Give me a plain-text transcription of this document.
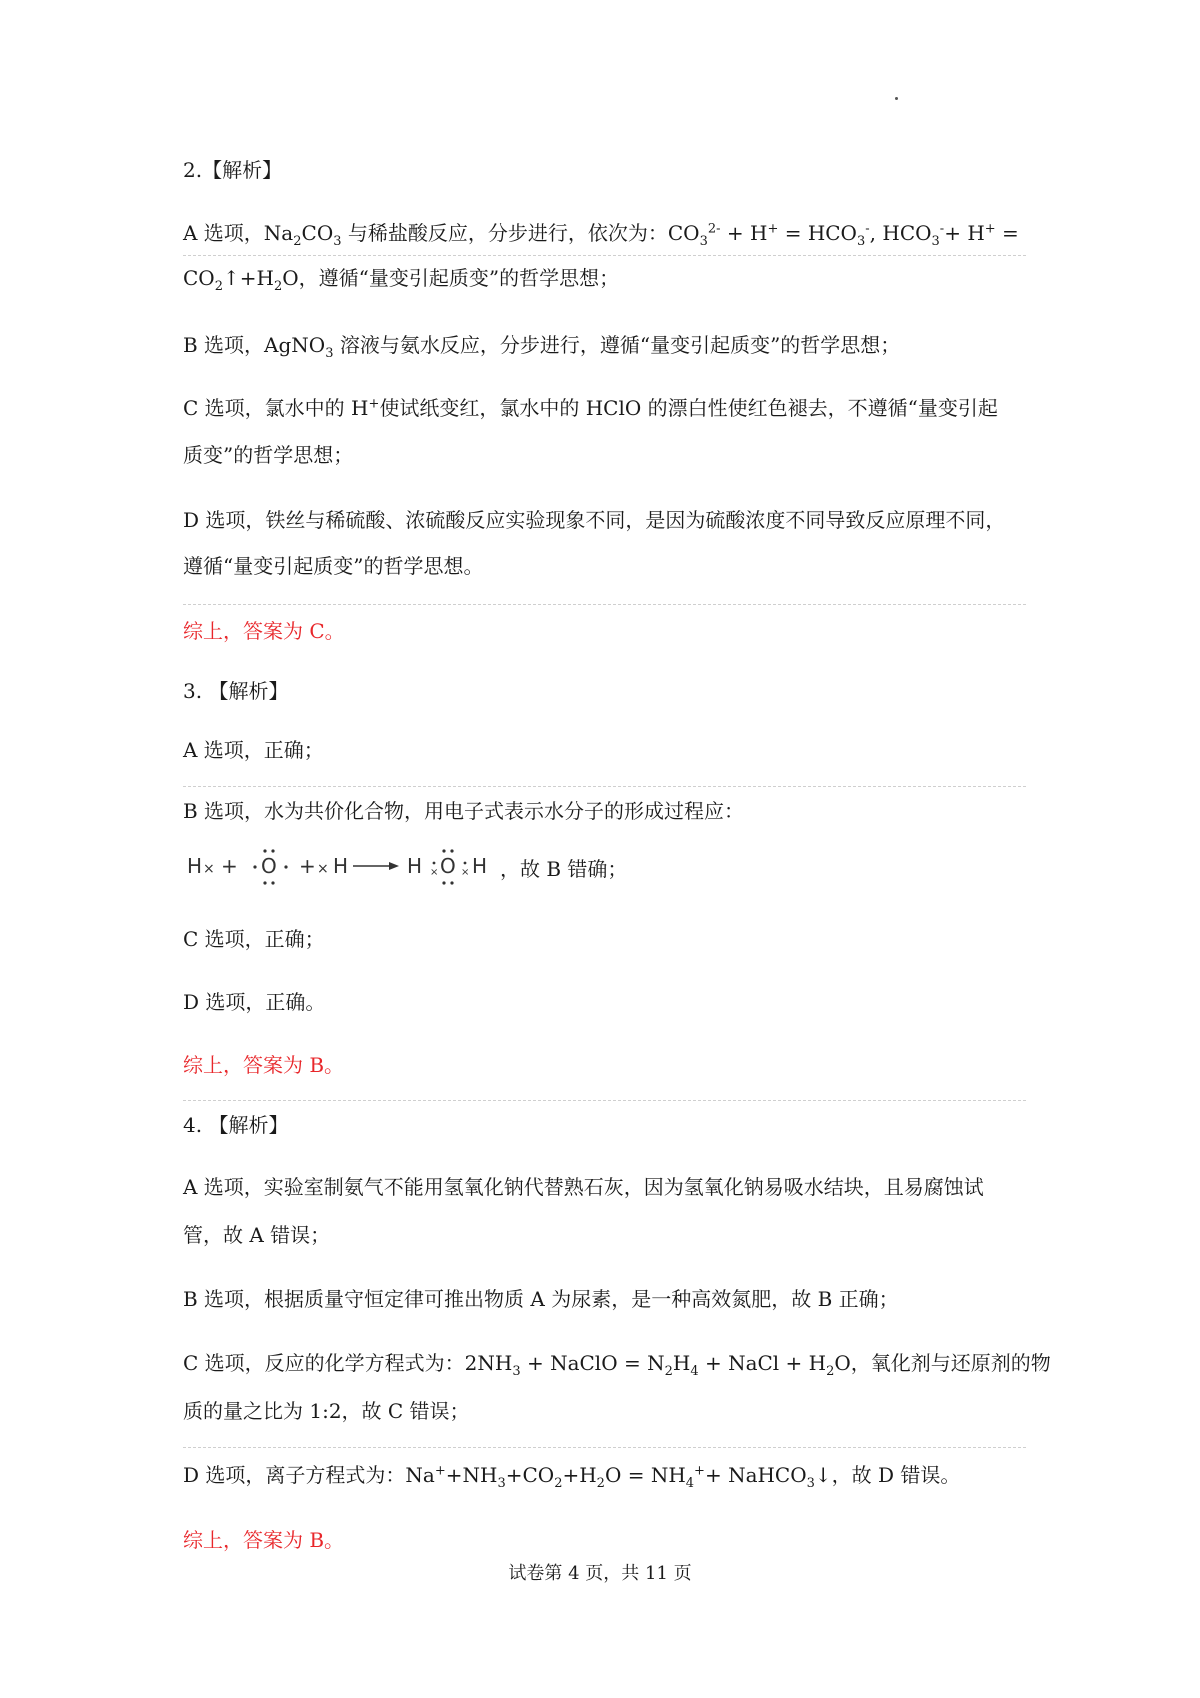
2.【解析】
A 选项，$Na_2CO_3$ 与稀盐酸反应，分步进行，依次为：$CO_3^{2-} + H^+ = HCO_3^-$, $HCO_3^-+ H^+$ =
$CO_2↑+H_2O$，遵循“量变引起质变”的哲学思想；
B 选项，AgNO$_3$ 溶液与氨水反应，分步进行，遵循“量变引起质变”的哲学思想；
C 选项，氯水中的 H+使试纸变红，氯水中的 HClO 的漂白性使红色褪去，不遵循“量变引起
质变”的哲学思想；
D 选项，铁丝与稀硫酸、浓硫酸反应实验现象不同，是因为硫酸浓度不同导致反应原理不同，
遵循“量变引起质变”的哲学思想。
综上，答案为 C。
3. 【解析】
A 选项，正确；
B 选项，水为共价化合物，用电子式表示水分子的形成过程应：
H × + O + × H	H O H
× × ，故 B 错确；
C 选项，正确；
D 选项，正确。
综上，答案为 B。
4. 【解析】
A 选项，实验室制氨气不能用氢氧化钠代替熟石灰，因为氢氧化钠易吸水结块，且易腐蚀试
管，故 A 错误；
B 选项，根据质量守恒定律可推出物质 A 为尿素，是一种高效氮肥，故 B 正确；
C 选项，反应的化学方程式为：$2NH_3$ + NaClO = $N_2H_4$ + NaCl + $H_2O$，氧化剂与还原剂的物
质的量之比为 1:2，故 C 错误；
D 选项，离子方程式为：$Na^++NH_3+CO_2+H_2O = NH_4^++$ NaHCO$_3$↓，故 D 错误。
综上，答案为 B。
试卷第 4 页，共 11 页
